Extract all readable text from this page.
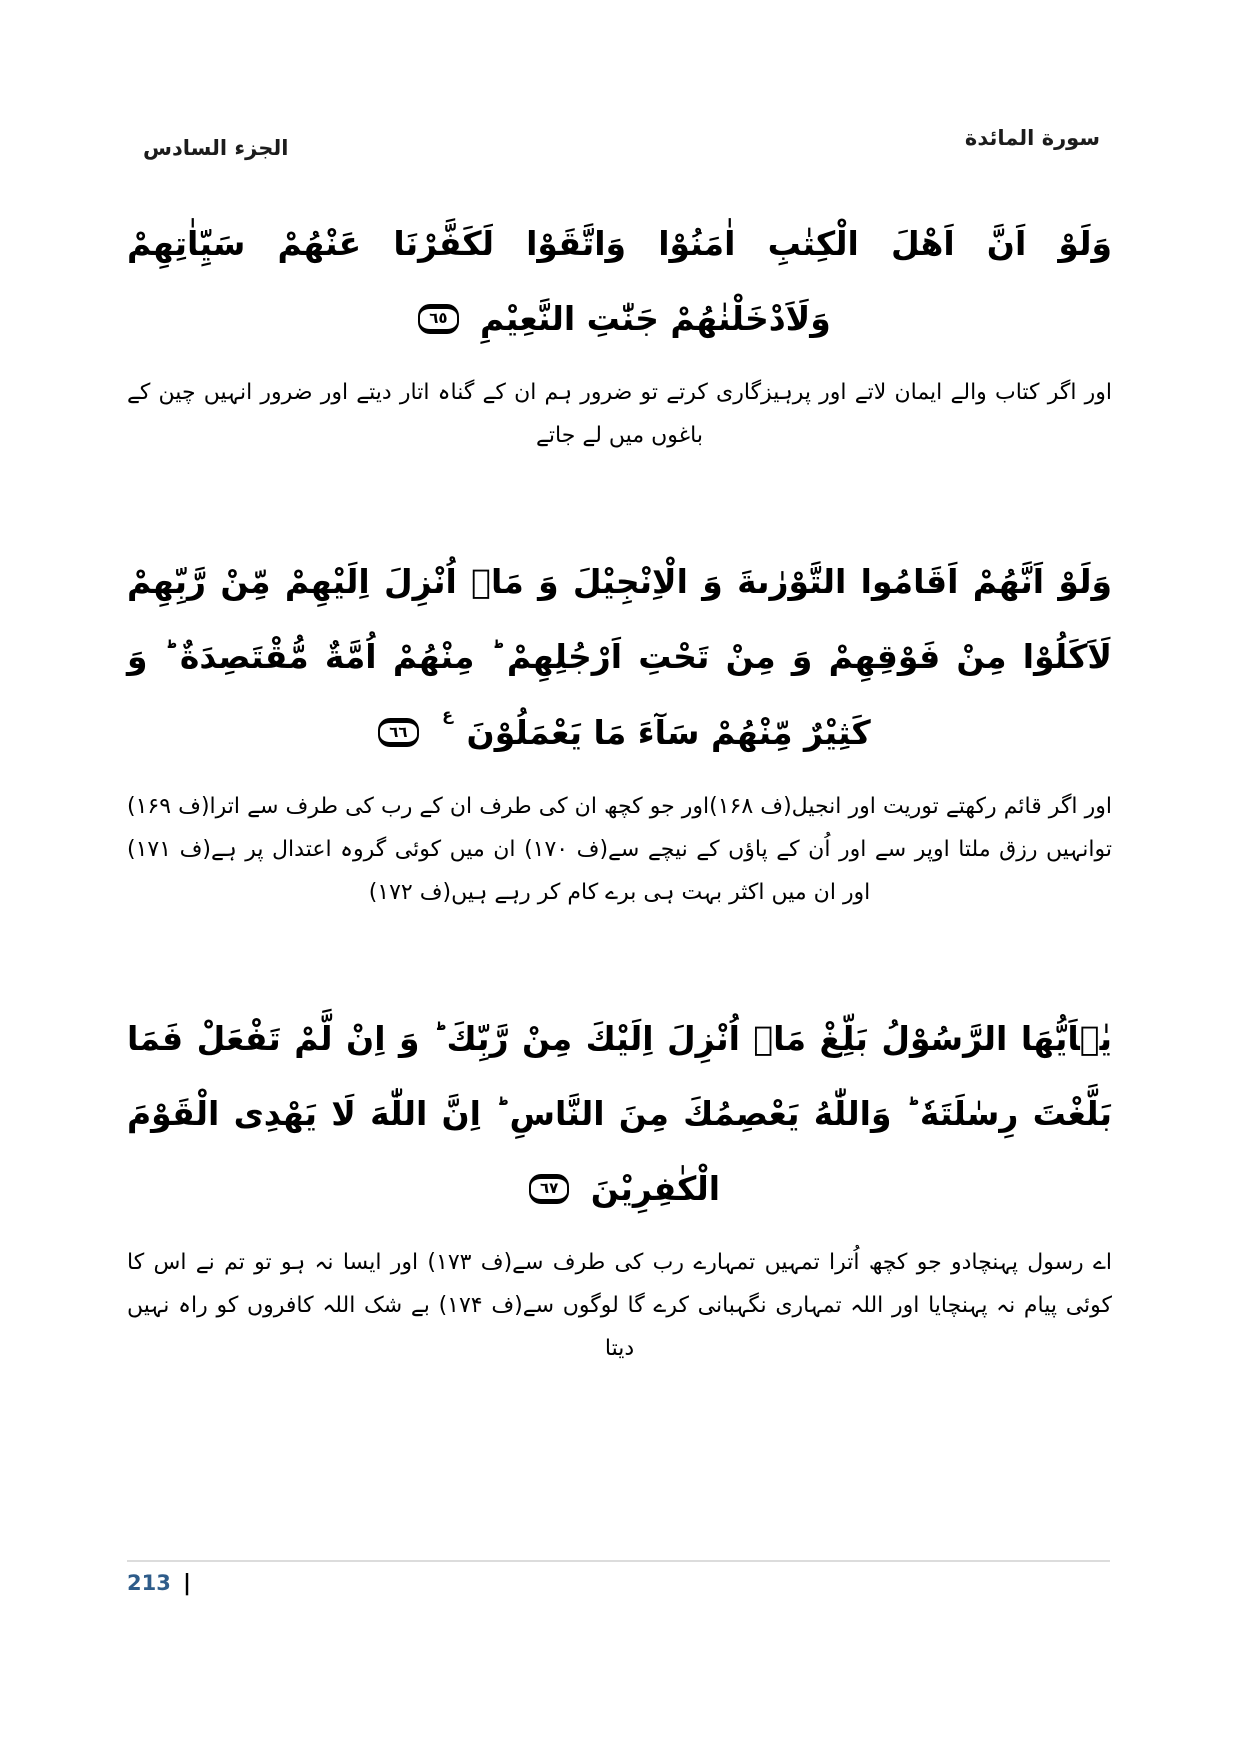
الجزء السادس	سورة المائدة
وَلَوْ اَنَّ اَهْلَ الْكِتٰبِ اٰمَنُوْا وَاتَّقَوْا لَكَفَّرْنَا عَنْهُمْ سَيِّاٰتِهِمْ وَلَاَدْخَلْنٰهُمْ جَنّٰتِ النَّعِيْمِ ٦٥
اور اگر کتاب والے ایمان لاتے اور پرہیزگاری کرتے تو ضرور ہم ان کے گناہ اتار دیتے اور ضرور انہیں چین کے باغوں میں لے جاتے
وَلَوْ اَنَّهُمْ اَقَامُوا التَّوْرٰىةَ وَ الْاِنْجِيْلَ وَ مَاۤ اُنْزِلَ اِلَيْهِمْ مِّنْ رَّبِّهِمْ لَاَكَلُوْا مِنْ فَوْقِهِمْ وَ مِنْ تَحْتِ اَرْجُلِهِمْ ؕ مِنْهُمْ اُمَّةٌ مُّقْتَصِدَةٌ ؕ وَ كَثِيْرٌ مِّنْهُمْ سَآءَ مَا يَعْمَلُوْنَ ع ٦٦
اور اگر قائم رکھتے توریت اور انجیل(ف ۱۶۸)اور جو کچھ ان کی طرف ان کے رب کی طرف سے اترا(ف ۱۶۹) توانہیں رزق ملتا اوپر سے اور اُن کے پاؤں کے نیچے سے(ف ۱۷۰) ان میں کوئی گروہ اعتدال پر ہے(ف ۱۷۱) اور ان میں اکثر بہت ہی برے کام کر رہے ہیں(ف ۱۷۲)
يٰۤاَيُّهَا الرَّسُوْلُ بَلِّغْ مَاۤ اُنْزِلَ اِلَيْكَ مِنْ رَّبِّكَ ؕ وَ اِنْ لَّمْ تَفْعَلْ فَمَا بَلَّغْتَ رِسٰلَتَهٗ ؕ وَاللّٰهُ يَعْصِمُكَ مِنَ النَّاسِ ؕ اِنَّ اللّٰهَ لَا يَهْدِى الْقَوْمَ الْكٰفِرِيْنَ ٦٧
اے رسول پہنچادو جو کچھ اُترا تمہیں تمہارے رب کی طرف سے(ف ۱۷۳) اور ایسا نہ ہو تو تم نے اس کا کوئی پیام نہ پہنچایا اور اللہ تمہاری نگہبانی کرے گا لوگوں سے(ف ۱۷۴) بے شک اللہ کافروں کو راہ نہیں دیتا
213 |
